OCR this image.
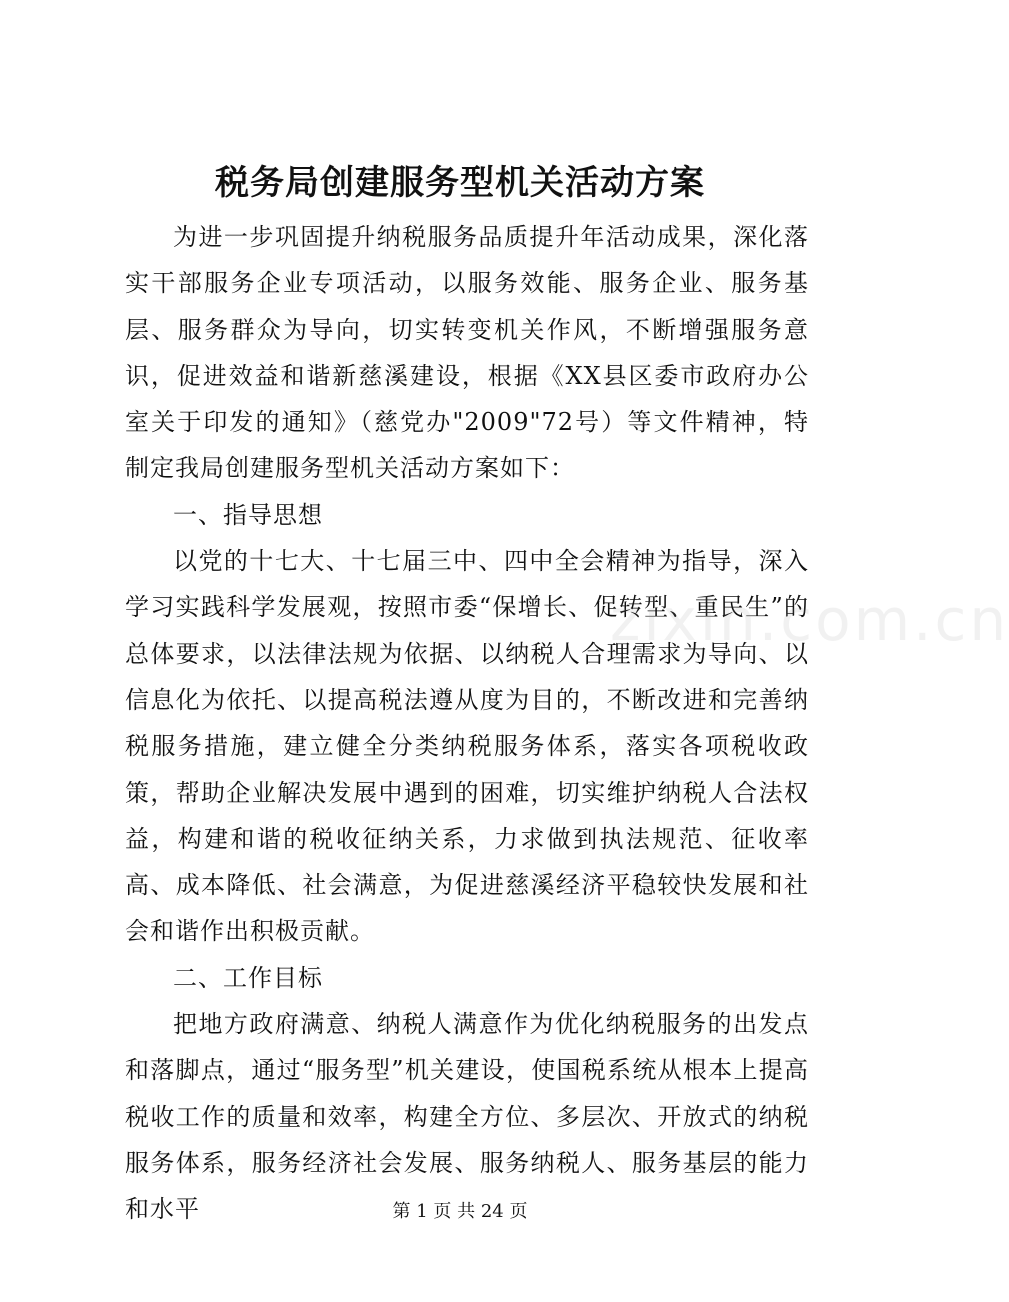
税务局创建服务型机关活动方案

为进一步巩固提升纳税服务品质提升年活动成果，深化落实干部服务企业专项活动，以服务效能、服务企业、服务基层、服务群众为导向，切实转变机关作风，不断增强服务意识，促进效益和谐新慈溪建设，根据《XX县区委市政府办公室关于印发的通知》（慈党办"2009"72号）等文件精神，特制定我局创建服务型机关活动方案如下：

一、指导思想

以党的十七大、十七届三中、四中全会精神为指导，深入学习实践科学发展观，按照市委“保增长、促转型、重民生”的总体要求，以法律法规为依据、以纳税人合理需求为导向、以信息化为依托、以提高税法遵从度为目的，不断改进和完善纳税服务措施，建立健全分类纳税服务体系，落实各项税收政策，帮助企业解决发展中遇到的困难，切实维护纳税人合法权益，构建和谐的税收征纳关系，力求做到执法规范、征收率高、成本降低、社会满意，为促进慈溪经济平稳较快发展和社会和谐作出积极贡献。

二、工作目标

把地方政府满意、纳税人满意作为优化纳税服务的出发点和落脚点，通过“服务型”机关建设，使国税系统从根本上提高税收工作的质量和效率，构建全方位、多层次、开放式的纳税服务体系，服务经济社会发展、服务纳税人、服务基层的能力和水平

zixin.com.cn
第 1 页 共 24 页
